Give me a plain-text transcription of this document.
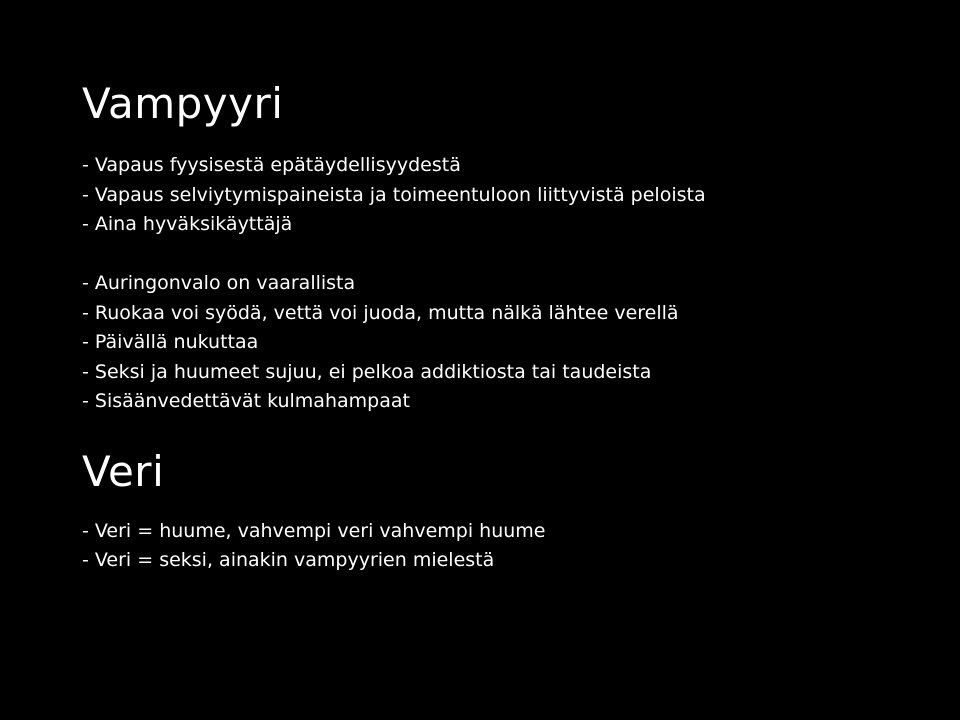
Vampyyri

- Vapaus fyysisestä epätäydellisyydestä

- Vapaus selviytymispaineista ja toimeentuloon liittyvistä peloista

- Aina hyväksikäyttäjä

- Auringonvalo on vaarallista

- Ruokaa voi syödä, vettä voi juoda, mutta nälkä lähtee verellä

- Päivällä nukuttaa

- Seksi ja huumeet sujuu, ei pelkoa addiktiosta tai taudeista

- Sisäänvedettävät kulmahampaat

Veri

- Veri = huume, vahvempi veri vahvempi huume

- Veri = seksi, ainakin vampyyrien mielestä
